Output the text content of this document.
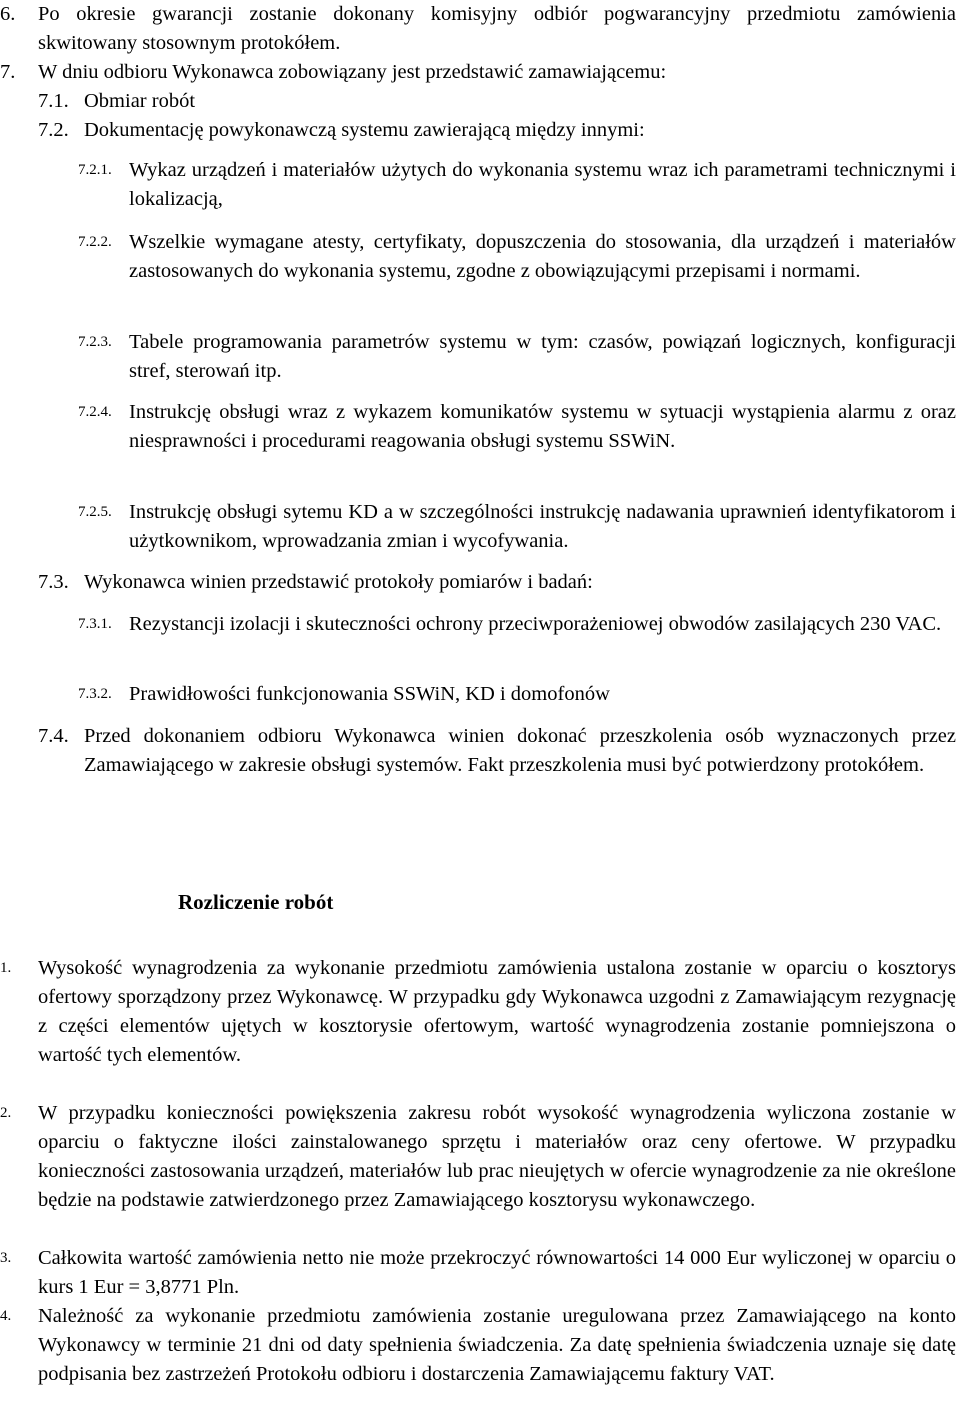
6. Po okresie gwarancji zostanie dokonany komisyjny odbiór pogwarancyjny przedmiotu zamówienia skwitowany stosownym protokółem.
7. W dniu odbioru Wykonawca zobowiązany jest przedstawić zamawiającemu:
7.1. Obmiar robót
7.2. Dokumentację powykonawczą systemu zawierającą między innymi:
7.2.1. Wykaz urządzeń i materiałów użytych do wykonania systemu wraz ich parametrami technicznymi i lokalizacją,
7.2.2. Wszelkie wymagane atesty, certyfikaty, dopuszczenia do stosowania, dla urządzeń i materiałów zastosowanych do wykonania systemu, zgodne z obowiązującymi przepisami i normami.
7.2.3. Tabele programowania parametrów systemu w tym: czasów, powiązań logicznych, konfiguracji stref, sterowań itp.
7.2.4. Instrukcję obsługi wraz z wykazem komunikatów systemu w sytuacji wystąpienia alarmu z oraz niesprawności i procedurami reagowania obsługi systemu SSWiN.
7.2.5. Instrukcję obsługi sytemu KD a w szczególności instrukcję nadawania uprawnień identyfikatorom i użytkownikom, wprowadzania zmian i wycofywania.
7.3. Wykonawca winien przedstawić protokoły pomiarów i badań:
7.3.1. Rezystancji izolacji i skuteczności ochrony przeciwporażeniowej obwodów zasilających 230 VAC.
7.3.2. Prawidłowości funkcjonowania SSWiN, KD i domofonów
7.4. Przed dokonaniem odbioru Wykonawca winien dokonać przeszkolenia osób wyznaczonych przez Zamawiającego w zakresie obsługi systemów. Fakt przeszkolenia musi być potwierdzony protokółem.
Rozliczenie robót
1. Wysokość wynagrodzenia za wykonanie przedmiotu zamówienia ustalona zostanie w oparciu o kosztorys ofertowy sporządzony przez Wykonawcę. W przypadku gdy Wykonawca uzgodni z Zamawiającym rezygnację z części elementów ujętych w kosztorysie ofertowym, wartość wynagrodzenia zostanie pomniejszona o wartość tych elementów.
2. W przypadku konieczności powiększenia zakresu robót wysokość wynagrodzenia wyliczona zostanie w oparciu o faktyczne ilości zainstalowanego sprzętu i materiałów oraz ceny ofertowe. W przypadku konieczności zastosowania urządzeń, materiałów lub prac nieujętych w ofercie wynagrodzenie za nie określone będzie na podstawie zatwierdzonego przez Zamawiającego kosztorysu wykonawczego.
3. Całkowita wartość zamówienia netto nie może przekroczyć równowartości 14 000 Eur wyliczonej w oparciu o kurs 1 Eur = 3,8771 Pln.
4. Należność za wykonanie przedmiotu zamówienia zostanie uregulowana przez Zamawiającego na konto Wykonawcy w terminie 21 dni od daty spełnienia świadczenia. Za datę spełnienia świadczenia uznaje się datę podpisania bez zastrzeżeń Protokołu odbioru i dostarczenia Zamawiającemu faktury VAT.
